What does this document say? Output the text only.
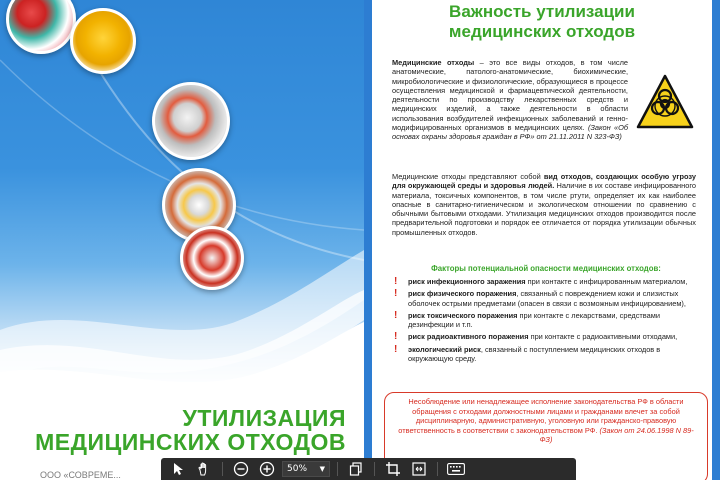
УТИЛИЗАЦИЯ
МЕДИЦИНСКИХ ОТХОДОВ
ООО «СОВРЕМЕ...
Важность утилизации
медицинских отходов
Медицинские отходы – это все виды отходов, в том числе анатомические, патолого-анатомические, биохимические, микробиологические и физиологические, образующиеся в процессе осуществления медицинской и фармацевтической деятельности, деятельности по производству лекарственных средств и медицинских изделий, а также деятельности в области использования возбудителей инфекционных заболеваний и генно-модифицированных организмов в медицинских целях. (Закон «Об основах охраны здоровья граждан в РФ» от 21.11.2011 N 323-ФЗ)
Медицинские отходы представляют собой вид отходов, создающих особую угрозу для окружающей среды и здоровья людей. Наличие в их составе инфицированного материала, токсичных компонентов, в том числе ртути, определяет их как наиболее опасные в санитарно-гигиеническом и экологическом отношении по сравнению с обычными бытовыми отходами. Утилизация медицинских отходов производится после предварительной подготовки и порядок ее отличается от порядка утилизации обычных промышленных отходов.
Факторы потенциальной опасности медицинских отходов:
! риск инфекционного заражения при контакте с инфицированным материалом,
! риск физического поражения, связанный с повреждением кожи и слизистых оболочек острыми предметами (опасен в связи с возможным инфицированием),
! риск токсического поражения при контакте с лекарствами, средствами дезинфекции и т.п.
! риск радиоактивного поражения при контакте с радиоактивными отходами,
! экологический риск, связанный с поступлением медицинских отходов в окружающую среду.
Несоблюдение или ненадлежащее исполнение законодательства РФ в области обращения с отходами должностными лицами и гражданами влечет за собой дисциплинарную, административную, уголовную или гражданско-правовую ответственность в соответствии с законодательством РФ. (Закон от 24.06.1998 N 89-ФЗ)
50% ▼
